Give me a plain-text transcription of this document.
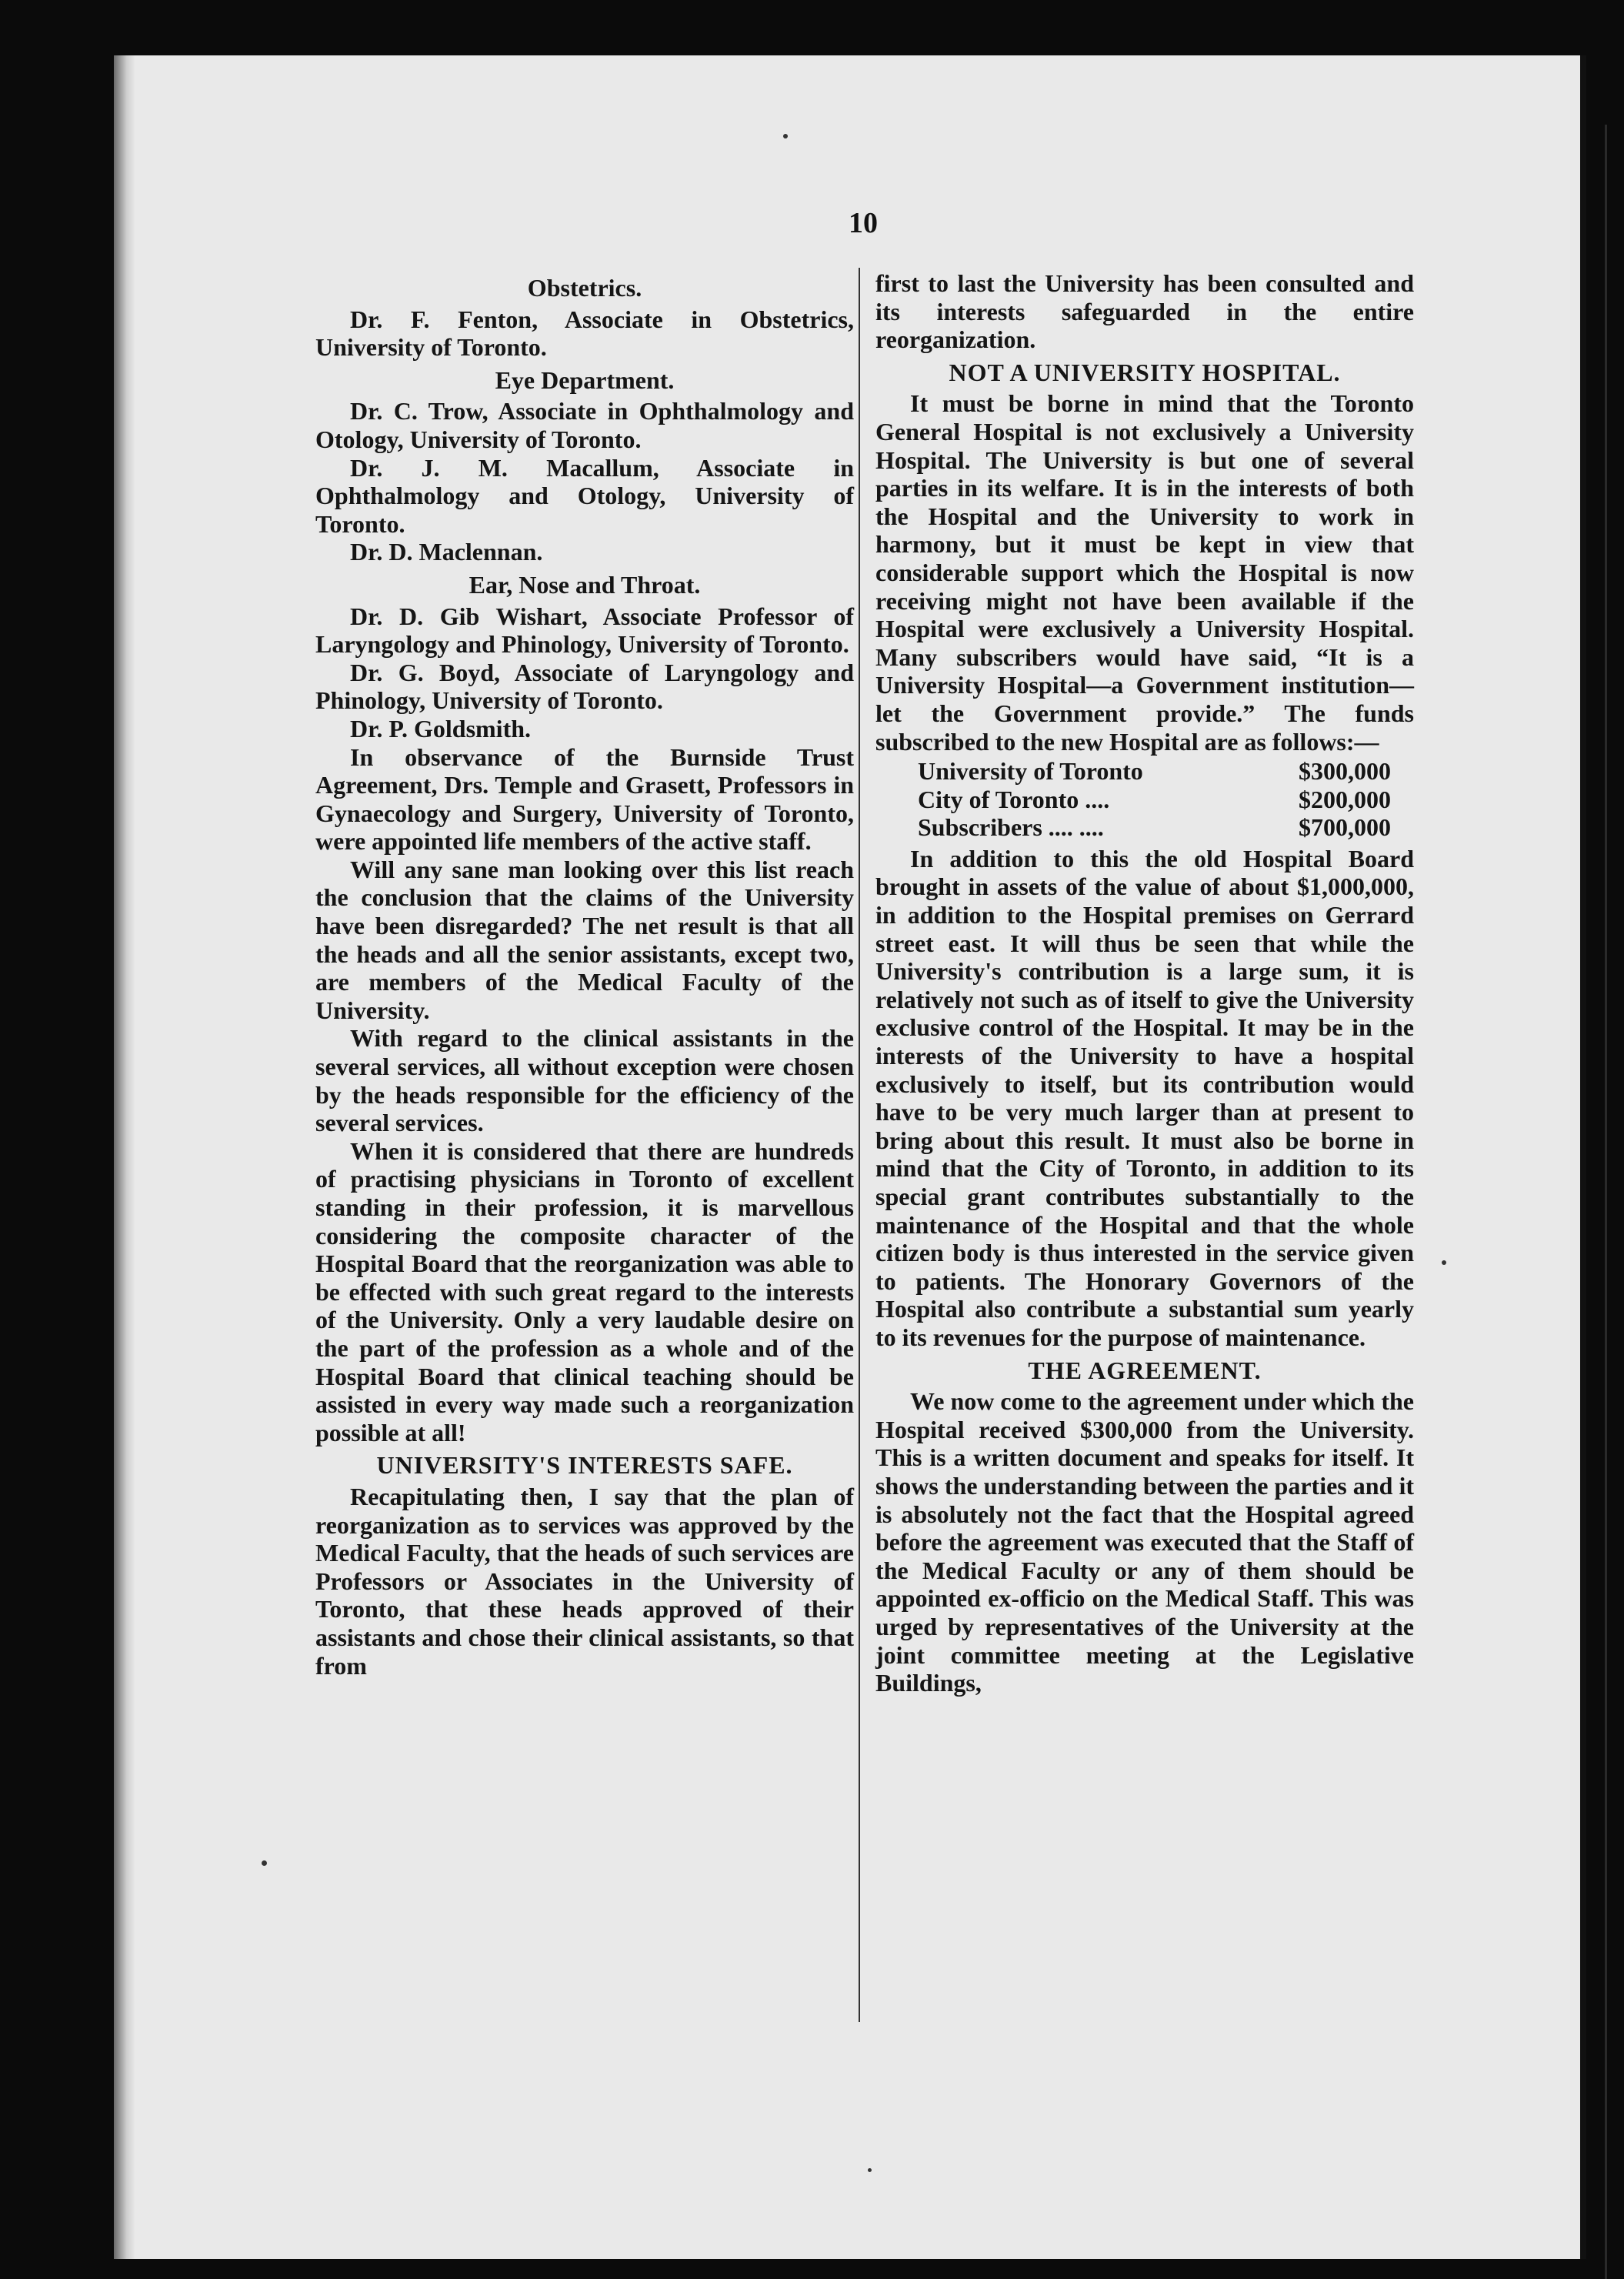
10
Obstetrics.

Dr. F. Fenton, Associate in Obstetrics, University of Toronto.

Eye Department.

Dr. C. Trow, Associate in Ophthalmology and Otology, University of Toronto.

Dr. J. M. Macallum, Associate in Ophthalmology and Otology, University of Toronto.

Dr. D. Maclennan.

Ear, Nose and Throat.

Dr. D. Gib Wishart, Associate Professor of Laryngology and Phinology, University of Toronto.

Dr. G. Boyd, Associate of Laryngology and Phinology, University of Toronto.

Dr. P. Goldsmith.

In observance of the Burnside Trust Agreement, Drs. Temple and Grasett, Professors in Gynaecology and Surgery, University of Toronto, were appointed life members of the active staff.

Will any sane man looking over this list reach the conclusion that the claims of the University have been disregarded? The net result is that all the heads and all the senior assistants, except two, are members of the Medical Faculty of the University.

With regard to the clinical assistants in the several services, all without exception were chosen by the heads responsible for the efficiency of the several services.

When it is considered that there are hundreds of practising physicians in Toronto of excellent standing in their profession, it is marvellous considering the composite character of the Hospital Board that the reorganization was able to be effected with such great regard to the interests of the University. Only a very laudable desire on the part of the profession as a whole and of the Hospital Board that clinical teaching should be assisted in every way made such a reorganization possible at all!

UNIVERSITY'S INTERESTS SAFE.

Recapitulating then, I say that the plan of reorganization as to services was approved by the Medical Faculty, that the heads of such services are Professors or Associates in the University of Toronto, that these heads approved of their assistants and chose their clinical assistants, so that from

first to last the University has been consulted and its interests safeguarded in the entire reorganization.

NOT A UNIVERSITY HOSPITAL.

It must be borne in mind that the Toronto General Hospital is not exclusively a University Hospital. The University is but one of several parties in its welfare. It is in the interests of both the Hospital and the University to work in harmony, but it must be kept in view that considerable support which the Hospital is now receiving might not have been available if the Hospital were exclusively a University Hospital. Many subscribers would have said, “It is a University Hospital—a Government institution—let the Government provide.” The funds subscribed to the new Hospital are as follows:—

University of Toronto	$300,000
City of Toronto ....	$200,000
Subscribers .... ....	$700,000

In addition to this the old Hospital Board brought in assets of the value of about $1,000,000, in addition to the Hospital premises on Gerrard street east. It will thus be seen that while the University's contribution is a large sum, it is relatively not such as of itself to give the University exclusive control of the Hospital. It may be in the interests of the University to have a hospital exclusively to itself, but its contribution would have to be very much larger than at present to bring about this result. It must also be borne in mind that the City of Toronto, in addition to its special grant contributes substantially to the maintenance of the Hospital and that the whole citizen body is thus interested in the service given to patients. The Honorary Governors of the Hospital also contribute a substantial sum yearly to its revenues for the purpose of maintenance.

THE AGREEMENT.

We now come to the agreement under which the Hospital received $300,000 from the University. This is a written document and speaks for itself. It shows the understanding between the parties and it is absolutely not the fact that the Hospital agreed before the agreement was executed that the Staff of the Medical Faculty or any of them should be appointed ex-officio on the Medical Staff. This was urged by representatives of the University at the joint committee meeting at the Legislative Buildings,
